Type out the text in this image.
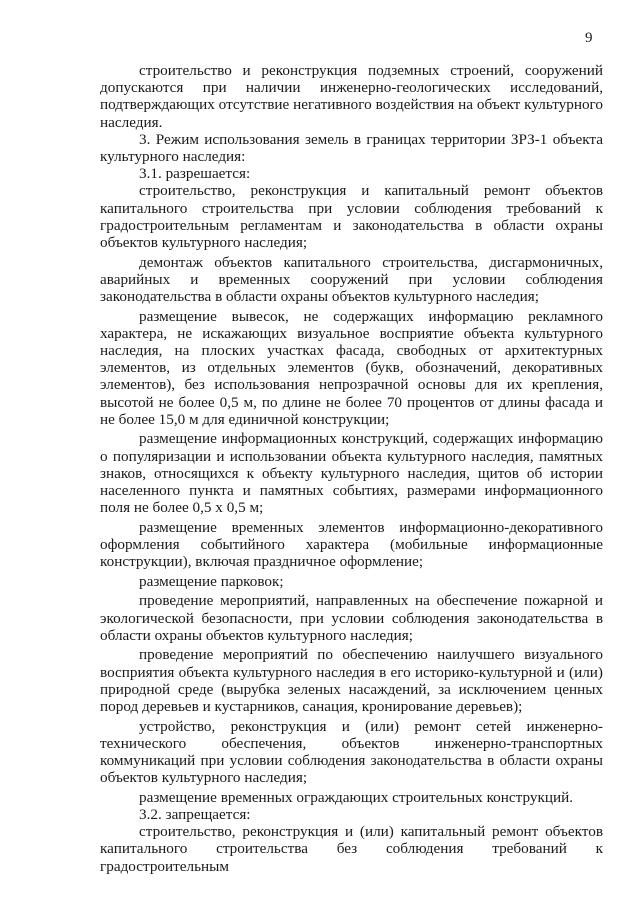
9

строительство и реконструкция подземных строений, сооружений допускаются при наличии инженерно-геологических исследований, подтверждающих отсутствие негативного воздействия на объект культурного наследия.

3. Режим использования земель в границах территории ЗРЗ-1 объекта культурного наследия:

3.1. разрешается:

строительство, реконструкция и капитальный ремонт объектов капитального строительства при условии соблюдения требований к градостроительным регламентам и законодательства в области охраны объектов культурного наследия;

демонтаж объектов капитального строительства, дисгармоничных, аварийных и временных сооружений при условии соблюдения законодательства в области охраны объектов культурного наследия;

размещение вывесок, не содержащих информацию рекламного характера, не искажающих визуальное восприятие объекта культурного наследия, на плоских участках фасада, свободных от архитектурных элементов, из отдельных элементов (букв, обозначений, декоративных элементов), без использования непрозрачной основы для их крепления, высотой не более 0,5 м, по длине не более 70 процентов от длины фасада и не более 15,0 м для единичной конструкции;

размещение информационных конструкций, содержащих информацию о популяризации и использовании объекта культурного наследия, памятных знаков, относящихся к объекту культурного наследия, щитов об истории населенного пункта и памятных событиях, размерами информационного поля не более 0,5 х 0,5 м;

размещение временных элементов информационно-декоративного оформления событийного характера (мобильные информационные конструкции), включая праздничное оформление;

размещение парковок;

проведение мероприятий, направленных на обеспечение пожарной и экологической безопасности, при условии соблюдения законодательства в области охраны объектов культурного наследия;

проведение мероприятий по обеспечению наилучшего визуального восприятия объекта культурного наследия в его историко-культурной и (или) природной среде (вырубка зеленых насаждений, за исключением ценных пород деревьев и кустарников, санация, кронирование деревьев);

устройство, реконструкция и (или) ремонт сетей инженерно-технического обеспечения, объектов инженерно-транспортных коммуникаций при условии соблюдения законодательства в области охраны объектов культурного наследия;

размещение временных ограждающих строительных конструкций.

3.2. запрещается:

строительство, реконструкция и (или) капитальный ремонт объектов капитального строительства без соблюдения требований к градостроительным
